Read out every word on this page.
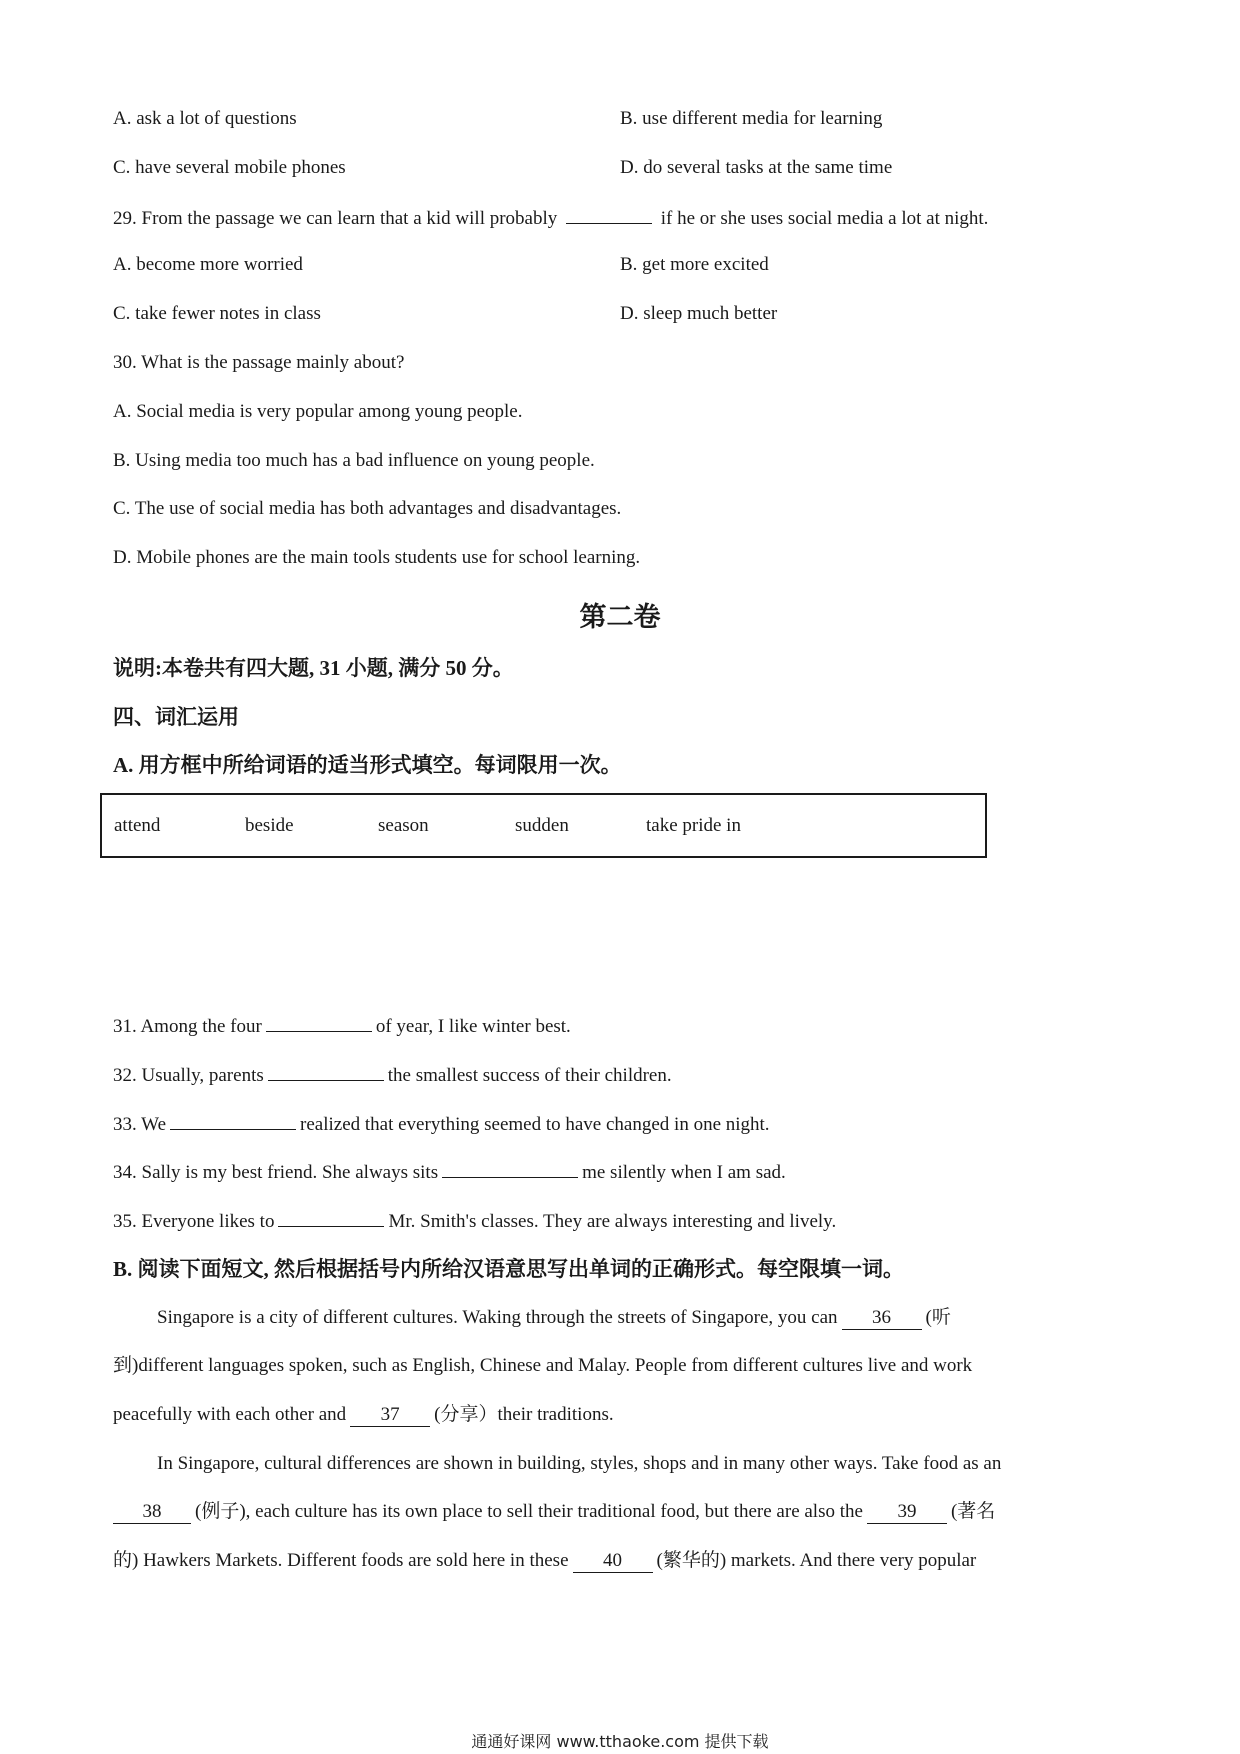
A. ask a lot of questions	B. use different media for learning
C. have several mobile phones	D. do several tasks at the same time
29. From the passage we can learn that a kid will probably	if he or she uses social media a lot at night.
A. become more worried	B. get more excited
C. take fewer notes in class	D. sleep much better
30. What is the passage mainly about?
A. Social media is very popular among young people.
B. Using media too much has a bad influence on young people.
C. The use of social media has both advantages and disadvantages.
D. Mobile phones are the main tools students use for school learning.
第二卷
说明:本卷共有四大题, 31 小题, 满分 50 分。
四、词汇运用
A. 用方框中所给词语的适当形式填空。每词限用一次。
attend	beside	season	sudden	take pride in
31. Among the four	of year, I like winter best.
32. Usually, parents	the smallest success of their children.
33. We	realized that everything seemed to have changed in one night.
34. Sally is my best friend. She always sits	me silently when I am sad.
35. Everyone likes to	Mr. Smith's classes. They are always interesting and lively.
B. 阅读下面短文, 然后根据括号内所给汉语意思写出单词的正确形式。每空限填一词。
Singapore is a city of different cultures. Waking through the streets of Singapore, you can 36 (听
到)different languages spoken, such as English, Chinese and Malay. People from different cultures live and work
peacefully with each other and 37 (分享）their traditions.
In Singapore, cultural differences are shown in building, styles, shops and in many other ways. Take food as an
38 (例子), each culture has its own place to sell their traditional food, but there are also the 39 (著名
的) Hawkers Markets. Different foods are sold here in these 40 (繁华的) markets. And there very popular
通通好课网 www.tthaoke.com 提供下载
